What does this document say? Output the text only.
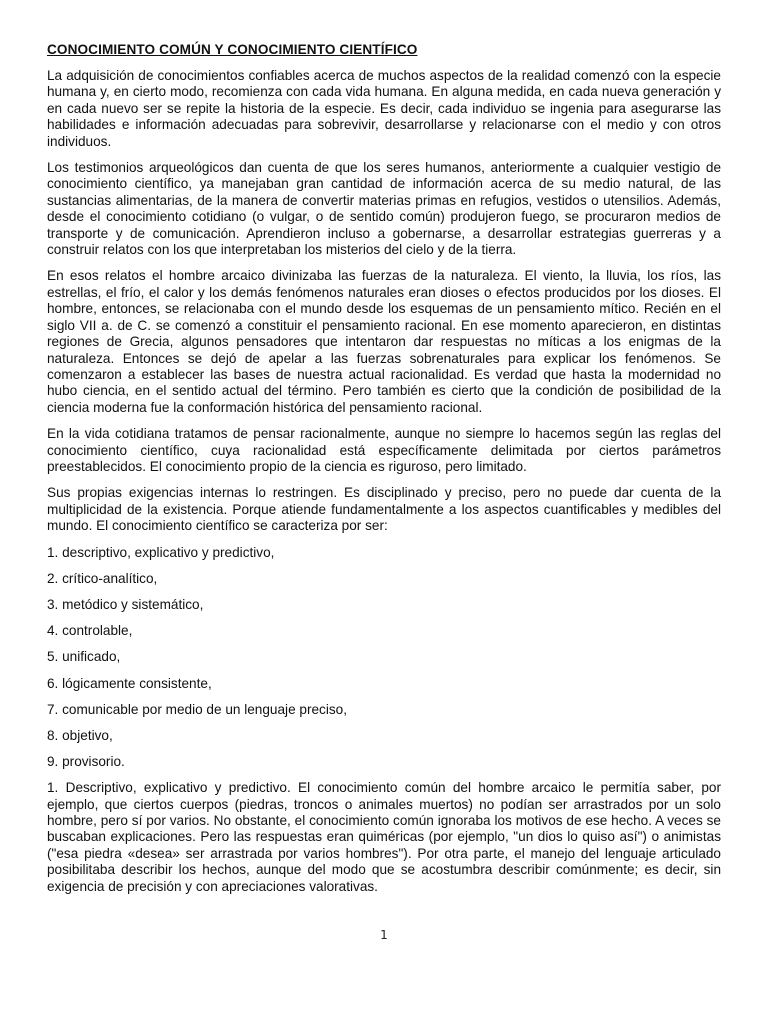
CONOCIMIENTO COMÚN Y CONOCIMIENTO CIENTÍFICO

La adquisición de conocimientos confiables acerca de muchos aspectos de la realidad comenzó con la especie humana y, en cierto modo, recomienza con cada vida humana. En alguna medida, en cada nueva generación y en cada nuevo ser se repite la historia de la especie. Es decir, cada individuo se ingenia para asegurarse las habilidades e información adecuadas para sobrevivir, desarrollarse y relacionarse con el medio y con otros individuos.

Los testimonios arqueológicos dan cuenta de que los seres humanos, anteriormente a cualquier vestigio de conocimiento científico, ya manejaban gran cantidad de información acerca de su medio natural, de las sustancias alimentarias, de la manera de convertir materias primas en refugios, vestidos o utensilios. Además, desde el conocimiento cotidiano (o vulgar, o de sentido común) produjeron fuego, se procuraron medios de transporte y de comunicación. Aprendieron incluso a gobernarse, a desarrollar estrategias guerreras y a construir relatos con los que interpretaban los misterios del cielo y de la tierra.

En esos relatos el hombre arcaico divinizaba las fuerzas de la naturaleza. El viento, la lluvia, los ríos, las estrellas, el frío, el calor y los demás fenómenos naturales eran dioses o efectos producidos por los dioses. El hombre, entonces, se relacionaba con el mundo desde los esquemas de un pensamiento mítico. Recién en el siglo VII a. de C. se comenzó a constituir el pensamiento racional. En ese momento aparecieron, en distintas regiones de Grecia, algunos pensadores que intentaron dar respuestas no míticas a los enigmas de la naturaleza. Entonces se dejó de apelar a las fuerzas sobrenaturales para explicar los fenómenos. Se comenzaron a establecer las bases de nuestra actual racionalidad. Es verdad que hasta la modernidad no hubo ciencia, en el sentido actual del término. Pero también es cierto que la condición de posibilidad de la ciencia moderna fue la conformación histórica del pensamiento racional.

En la vida cotidiana tratamos de pensar racionalmente, aunque no siempre lo hacemos según las reglas del conocimiento científico, cuya racionalidad está específicamente delimitada por ciertos parámetros preestablecidos. El conocimiento propio de la ciencia es riguroso, pero limitado.

Sus propias exigencias internas lo restringen. Es disciplinado y preciso, pero no puede dar cuenta de la multiplicidad de la existencia. Porque atiende fundamentalmente a los aspectos cuantificables y medibles del mundo. El conocimiento científico se caracteriza por ser:

1. descriptivo, explicativo y predictivo,
2. crítico-analítico,
3. metódico y sistemático,
4. controlable,
5. unificado,
6. lógicamente consistente,
7. comunicable por medio de un lenguaje preciso,
8. objetivo,
9. provisorio.

1. Descriptivo, explicativo y predictivo. El conocimiento común del hombre arcaico le permitía saber, por ejemplo, que ciertos cuerpos (piedras, troncos o animales muertos) no podían ser arrastrados por un solo hombre, pero sí por varios. No obstante, el conocimiento común ignoraba los motivos de ese hecho. A veces se buscaban explicaciones. Pero las respuestas eran quiméricas (por ejemplo, "un dios lo quiso así") o animistas ("esa piedra «desea» ser arrastrada por varios hombres"). Por otra parte, el manejo del lenguaje articulado posibilitaba describir los hechos, aunque del modo que se acostumbra describir comúnmente; es decir, sin exigencia de precisión y con apreciaciones valorativas.

1
